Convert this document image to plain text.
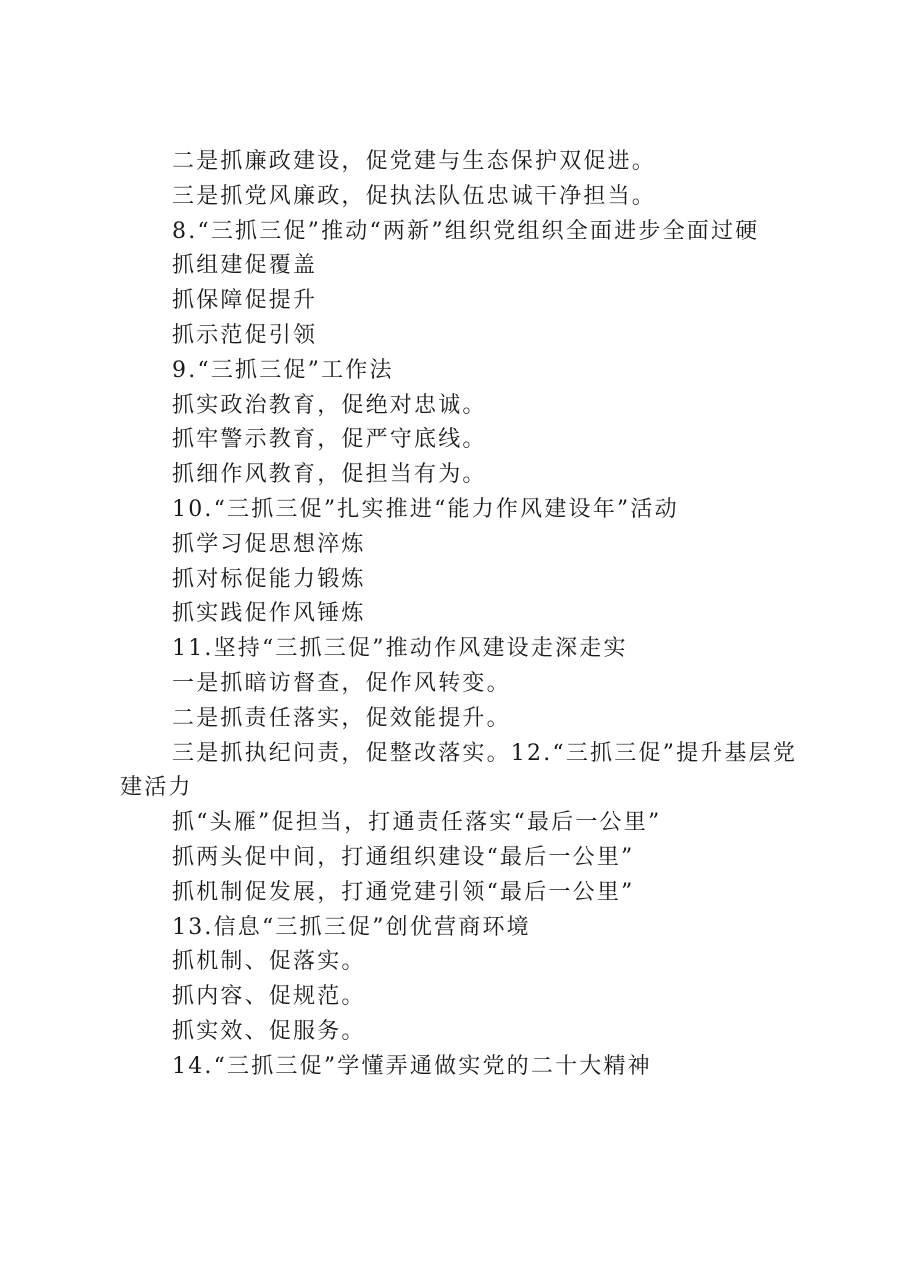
二是抓廉政建设，促党建与生态保护双促进。

三是抓党风廉政，促执法队伍忠诚干净担当。

8.“三抓三促”推动“两新”组织党组织全面进步全面过硬

抓组建促覆盖

抓保障促提升

抓示范促引领

9.“三抓三促”工作法

抓实政治教育，促绝对忠诚。

抓牢警示教育，促严守底线。

抓细作风教育，促担当有为。

10.“三抓三促”扎实推进“能力作风建设年”活动

抓学习促思想淬炼

抓对标促能力锻炼

抓实践促作风锤炼

11.坚持“三抓三促”推动作风建设走深走实

一是抓暗访督查，促作风转变。

二是抓责任落实，促效能提升。

三是抓执纪问责，促整改落实。12.“三抓三促”提升基层党建活力

抓“头雁”促担当，打通责任落实“最后一公里”

抓两头促中间，打通组织建设“最后一公里”

抓机制促发展，打通党建引领“最后一公里”

13.信息“三抓三促”创优营商环境

抓机制、促落实。

抓内容、促规范。

抓实效、促服务。

14.“三抓三促”学懂弄通做实党的二十大精神
